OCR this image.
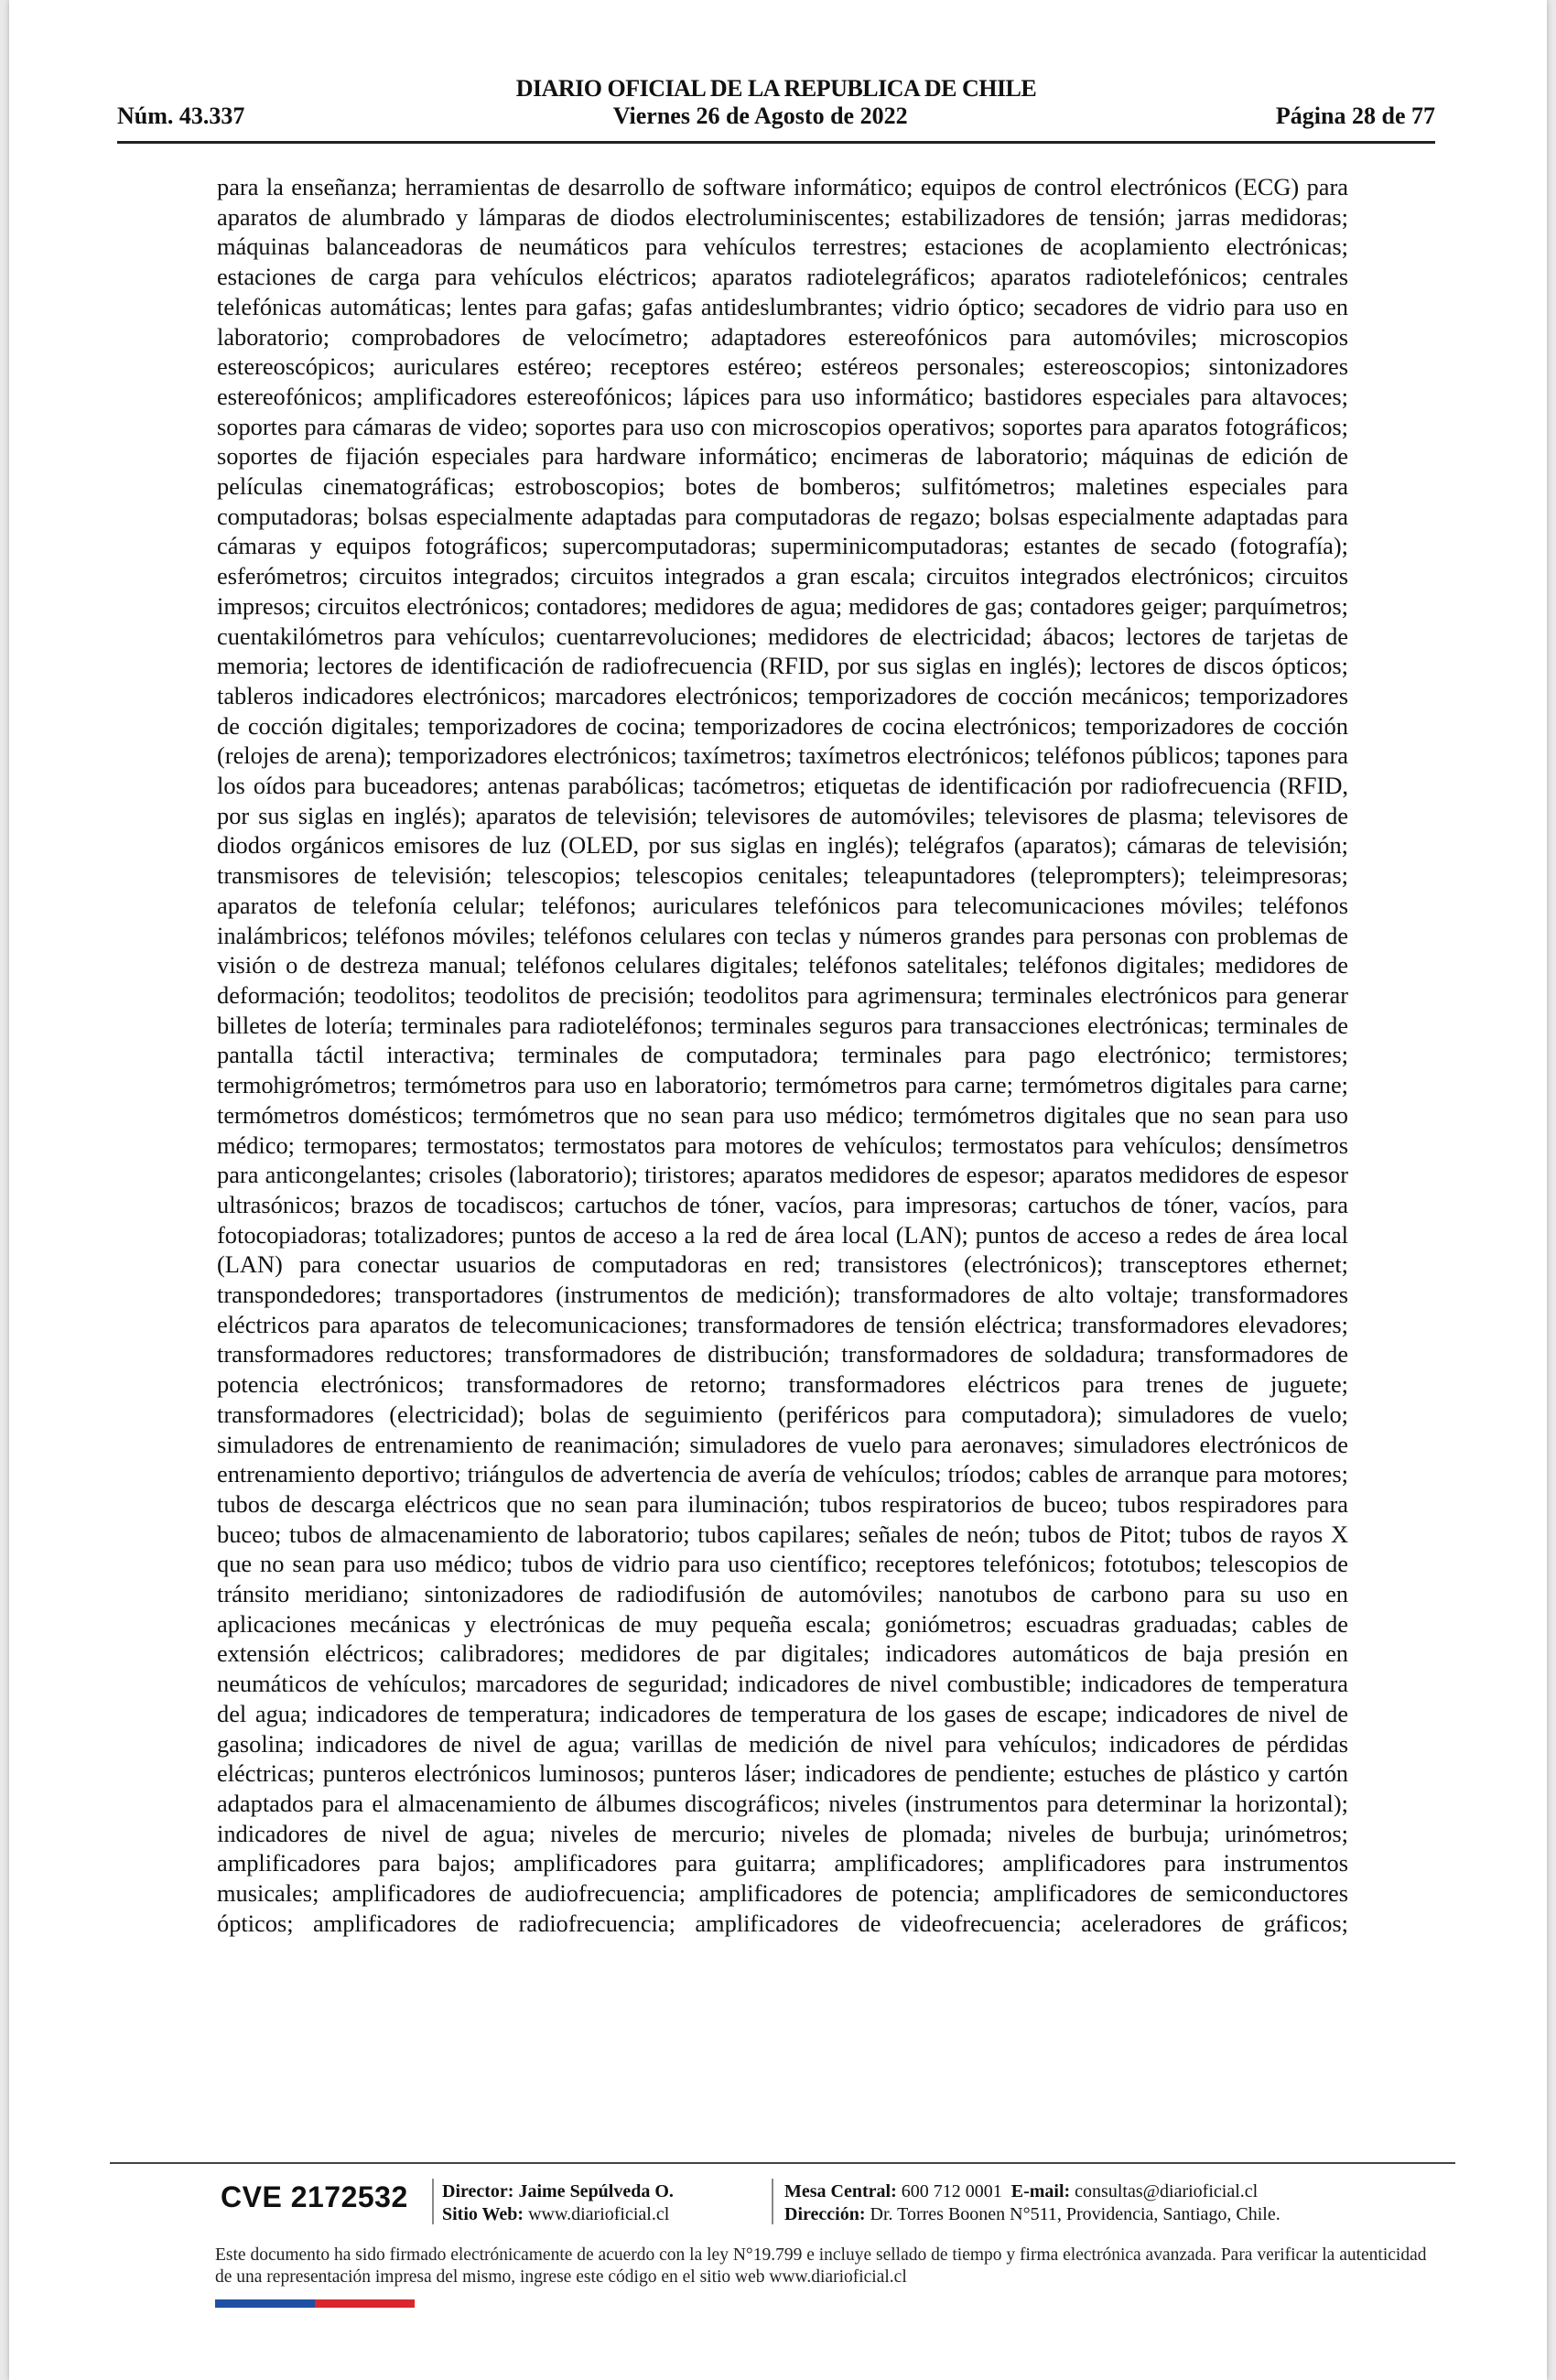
DIARIO OFICIAL DE LA REPUBLICA DE CHILE
Núm. 43.337	Viernes 26 de Agosto de 2022	Página 28 de 77
para la enseñanza; herramientas de desarrollo de software informático; equipos de control electrónicos (ECG) para aparatos de alumbrado y lámparas de diodos electroluminiscentes; estabilizadores de tensión; jarras medidoras; máquinas balanceadoras de neumáticos para vehículos terrestres; estaciones de acoplamiento electrónicas; estaciones de carga para vehículos eléctricos; aparatos radiotelegráficos; aparatos radiotelefónicos; centrales telefónicas automáticas; lentes para gafas; gafas antideslumbrantes; vidrio óptico; secadores de vidrio para uso en laboratorio; comprobadores de velocímetro; adaptadores estereofónicos para automóviles; microscopios estereoscópicos; auriculares estéreo; receptores estéreo; estéreos personales; estereoscopios; sintonizadores estereofónicos; amplificadores estereofónicos; lápices para uso informático; bastidores especiales para altavoces; soportes para cámaras de video; soportes para uso con microscopios operativos; soportes para aparatos fotográficos; soportes de fijación especiales para hardware informático; encimeras de laboratorio; máquinas de edición de películas cinematográficas; estroboscopios; botes de bomberos; sulfitómetros; maletines especiales para computadoras; bolsas especialmente adaptadas para computadoras de regazo; bolsas especialmente adaptadas para cámaras y equipos fotográficos; supercomputadoras; superminicomputadoras; estantes de secado (fotografía); esferómetros; circuitos integrados; circuitos integrados a gran escala; circuitos integrados electrónicos; circuitos impresos; circuitos electrónicos; contadores; medidores de agua; medidores de gas; contadores geiger; parquímetros; cuentakilómetros para vehículos; cuentarrevoluciones; medidores de electricidad; ábacos; lectores de tarjetas de memoria; lectores de identificación de radiofrecuencia (RFID, por sus siglas en inglés); lectores de discos ópticos; tableros indicadores electrónicos; marcadores electrónicos; temporizadores de cocción mecánicos; temporizadores de cocción digitales; temporizadores de cocina; temporizadores de cocina electrónicos; temporizadores de cocción (relojes de arena); temporizadores electrónicos; taxímetros; taxímetros electrónicos; teléfonos públicos; tapones para los oídos para buceadores; antenas parabólicas; tacómetros; etiquetas de identificación por radiofrecuencia (RFID, por sus siglas en inglés); aparatos de televisión; televisores de automóviles; televisores de plasma; televisores de diodos orgánicos emisores de luz (OLED, por sus siglas en inglés); telégrafos (aparatos); cámaras de televisión; transmisores de televisión; telescopios; telescopios cenitales; teleapuntadores (teleprompters); teleimpresoras; aparatos de telefonía celular; teléfonos; auriculares telefónicos para telecomunicaciones móviles; teléfonos inalámbricos; teléfonos móviles; teléfonos celulares con teclas y números grandes para personas con problemas de visión o de destreza manual; teléfonos celulares digitales; teléfonos satelitales; teléfonos digitales; medidores de deformación; teodolitos; teodolitos de precisión; teodolitos para agrimensura; terminales electrónicos para generar billetes de lotería; terminales para radioteléfonos; terminales seguros para transacciones electrónicas; terminales de pantalla táctil interactiva; terminales de computadora; terminales para pago electrónico; termistores; termohigrómetros; termómetros para uso en laboratorio; termómetros para carne; termómetros digitales para carne; termómetros domésticos; termómetros que no sean para uso médico; termómetros digitales que no sean para uso médico; termopares; termostatos; termostatos para motores de vehículos; termostatos para vehículos; densímetros para anticongelantes; crisoles (laboratorio); tiristores; aparatos medidores de espesor; aparatos medidores de espesor ultrasónicos; brazos de tocadiscos; cartuchos de tóner, vacíos, para impresoras; cartuchos de tóner, vacíos, para fotocopiadoras; totalizadores; puntos de acceso a la red de área local (LAN); puntos de acceso a redes de área local (LAN) para conectar usuarios de computadoras en red; transistores (electrónicos); transceptores ethernet; transpondedores; transportadores (instrumentos de medición); transformadores de alto voltaje; transformadores eléctricos para aparatos de telecomunicaciones; transformadores de tensión eléctrica; transformadores elevadores; transformadores reductores; transformadores de distribución; transformadores de soldadura; transformadores de potencia electrónicos; transformadores de retorno; transformadores eléctricos para trenes de juguete; transformadores (electricidad); bolas de seguimiento (periféricos para computadora); simuladores de vuelo; simuladores de entrenamiento de reanimación; simuladores de vuelo para aeronaves; simuladores electrónicos de entrenamiento deportivo; triángulos de advertencia de avería de vehículos; tríodos; cables de arranque para motores; tubos de descarga eléctricos que no sean para iluminación; tubos respiratorios de buceo; tubos respiradores para buceo; tubos de almacenamiento de laboratorio; tubos capilares; señales de neón; tubos de Pitot; tubos de rayos X que no sean para uso médico; tubos de vidrio para uso científico; receptores telefónicos; fototubos; telescopios de tránsito meridiano; sintonizadores de radiodifusión de automóviles; nanotubos de carbono para su uso en aplicaciones mecánicas y electrónicas de muy pequeña escala; goniómetros; escuadras graduadas; cables de extensión eléctricos; calibradores; medidores de par digitales; indicadores automáticos de baja presión en neumáticos de vehículos; marcadores de seguridad; indicadores de nivel combustible; indicadores de temperatura del agua; indicadores de temperatura; indicadores de temperatura de los gases de escape; indicadores de nivel de gasolina; indicadores de nivel de agua; varillas de medición de nivel para vehículos; indicadores de pérdidas eléctricas; punteros electrónicos luminosos; punteros láser; indicadores de pendiente; estuches de plástico y cartón adaptados para el almacenamiento de álbumes discográficos; niveles (instrumentos para determinar la horizontal); indicadores de nivel de agua; niveles de mercurio; niveles de plomada; niveles de burbuja; urinómetros; amplificadores para bajos; amplificadores para guitarra; amplificadores; amplificadores para instrumentos musicales; amplificadores de audiofrecuencia; amplificadores de potencia; amplificadores de semiconductores ópticos; amplificadores de radiofrecuencia; amplificadores de videofrecuencia; aceleradores de gráficos;
CVE 2172532 Director: Jaime Sepúlveda O.
Sitio Web: www.diarioficial.cl
Mesa Central: 600 712 0001 E-mail: consultas@diarioficial.cl
Dirección: Dr. Torres Boonen N°511, Providencia, Santiago, Chile.
Este documento ha sido firmado electrónicamente de acuerdo con la ley N°19.799 e incluye sellado de tiempo y firma electrónica avanzada. Para verificar la autenticidad de una representación impresa del mismo, ingrese este código en el sitio web www.diarioficial.cl
